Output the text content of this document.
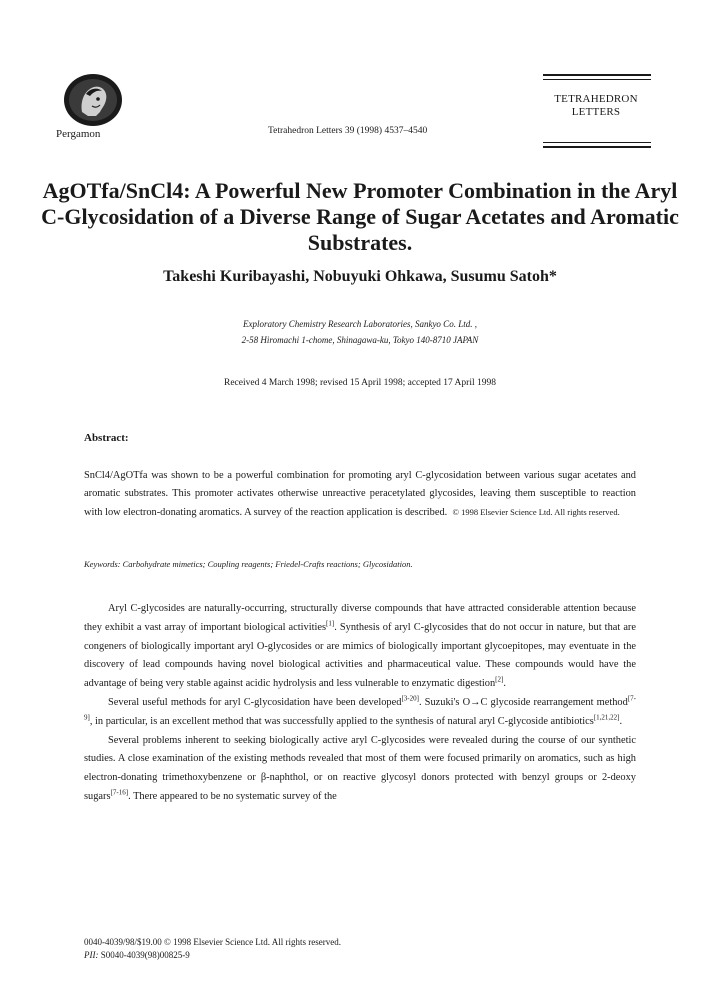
Pergamon	Tetrahedron Letters 39 (1998) 4537–4540
TETRAHEDRON
LETTERS
AgOTfa/SnCl4: A Powerful New Promoter Combination in the Aryl C-Glycosidation of a Diverse Range of Sugar Acetates and Aromatic Substrates.
Takeshi Kuribayashi, Nobuyuki Ohkawa, Susumu Satoh*
Exploratory Chemistry Research Laboratories, Sankyo Co. Ltd. ,
2-58 Hiromachi 1-chome, Shinagawa-ku, Tokyo 140-8710 JAPAN
Received 4 March 1998; revised 15 April 1998; accepted 17 April 1998
Abstract:
SnCl4/AgOTfa was shown to be a powerful combination for promoting aryl C-glycosidation between various sugar acetates and aromatic substrates. This promoter activates otherwise unreactive peracetylated glycosides, leaving them susceptible to reaction with low electron-donating aromatics. A survey of the reaction application is described. © 1998 Elsevier Science Ltd. All rights reserved.
Keywords: Carbohydrate mimetics; Coupling reagents; Friedel-Crafts reactions; Glycosidation.

Aryl C-glycosides are naturally-occurring, structurally diverse compounds that have attracted considerable attention because they exhibit a vast array of important biological activities[1]. Synthesis of aryl C-glycosides that do not occur in nature, but that are congeners of biologically important aryl O-glycosides or are mimics of biologically important glycoepitopes, may eventuate in the discovery of lead compounds having novel biological activities and pharmaceutical value. These compounds would have the advantage of being very stable against acidic hydrolysis and less vulnerable to enzymatic digestion[2].

Several useful methods for aryl C-glycosidation have been developed[3-20]. Suzuki's O→C glycoside rearrangement method[7-9], in particular, is an excellent method that was successfully applied to the synthesis of natural aryl C-glycoside antibiotics[1,21,22].

Several problems inherent to seeking biologically active aryl C-glycosides were revealed during the course of our synthetic studies. A close examination of the existing methods revealed that most of them were focused primarily on aromatics, such as high electron-donating trimethoxybenzene or β-naphthol, or on reactive glycosyl donors protected with benzyl groups or 2-deoxy sugars[7-16]. There appeared to be no systematic survey of the

0040-4039/98/$19.00 © 1998 Elsevier Science Ltd. All rights reserved.
PII: S0040-4039(98)00825-9
